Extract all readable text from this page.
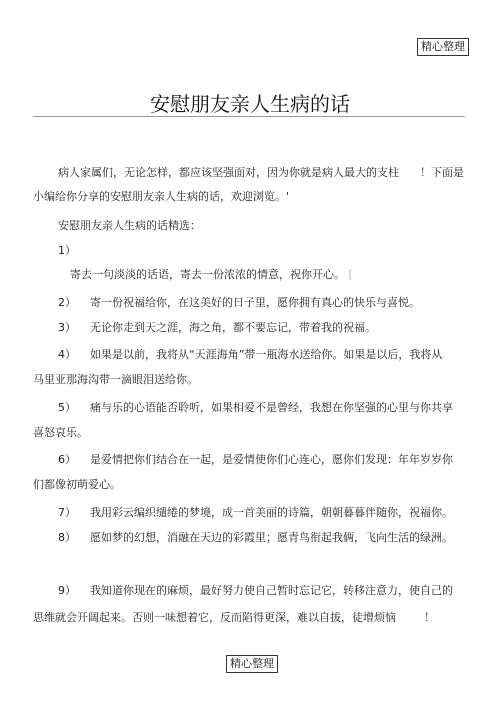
精心整理
安慰朋友亲人生病的话
病人家属们，无论怎样，都应该坚强面对，因为你就是病人最大的支柱 ！下面是
小编给你分享的安慰朋友亲人生病的话，欢迎浏览。'
安慰朋友亲人生病的话精选：
1）
寄去一句淡淡的话语，寄去一份浓浓的情意，祝你开心。 [
2） 寄一份祝福给你，在这美好的日子里，愿你拥有真心的快乐与喜悦。
3） 无论你走到天之涯，海之角，都不要忘记，带着我的祝福。
4） 如果是以前，我将从“天涯海角”带一瓶海水送给你。如果是以后，我将从
马里亚那海沟带一滴眼泪送给你。
5） 痛与乐的心语能否聆听，如果相爱不是曾经，我想在你坚强的心里与你共享
喜怒哀乐。
6） 是爱情把你们结合在一起，是爱情使你们心连心，愿你们发现：年年岁岁你
们都像初萌爱心。
7） 我用彩云编织缱绻的梦境，成一首美丽的诗篇，朝朝暮暮伴随你，祝福你。
8） 愿如梦的幻想，消融在天边的彩霞里；愿青鸟衔起我俩，飞向生活的绿洲。
9） 我知道你现在的麻烦，最好努力使自己暂时忘记它，转移注意力，使自己的
思维就会开阔起来。否则一味想着它，反而陷得更深，难以自拔，徒增烦恼	！
精心整理
